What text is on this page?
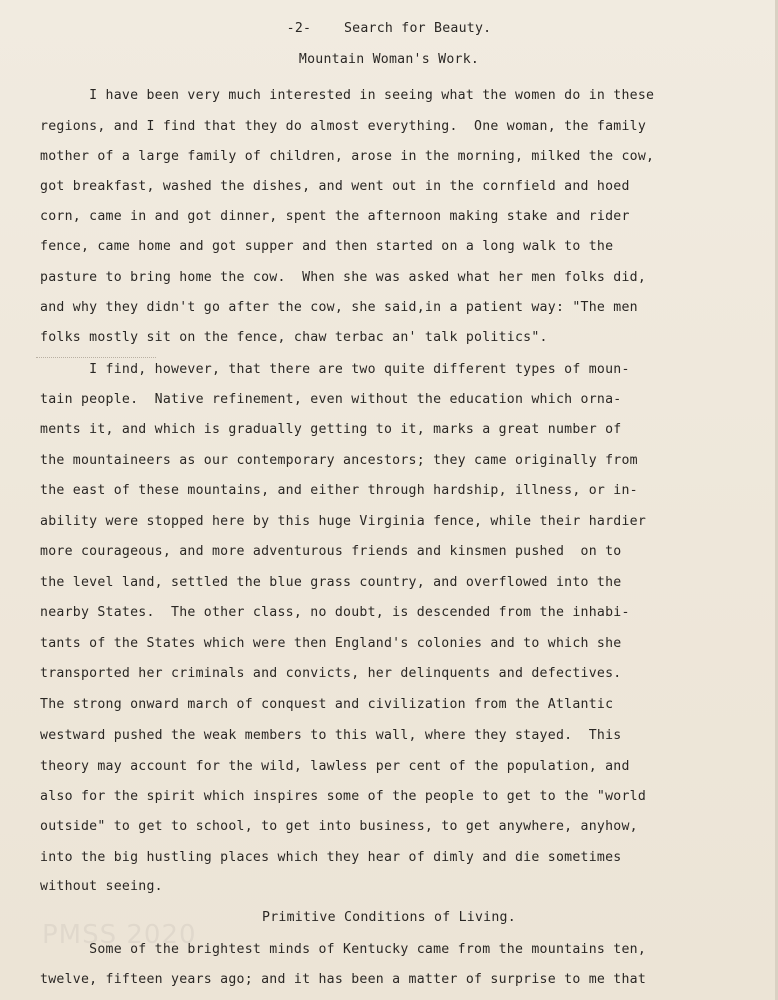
-2-    Search for Beauty.
Mountain Woman's Work.
I have been very much interested in seeing what the women do in these
regions, and I find that they do almost everything.  One woman, the family
mother of a large family of children, arose in the morning, milked the cow,
got breakfast, washed the dishes, and went out in the cornfield and hoed
corn, came in and got dinner, spent the afternoon making stake and rider
fence, came home and got supper and then started on a long walk to the
pasture to bring home the cow.  When she was asked what her men folks did,
and why they didn't go after the cow, she said,in a patient way: "The men
folks mostly sit on the fence, chaw terbac an' talk politics".
I find, however, that there are two quite different types of moun-
tain people.  Native refinement, even without the education which orna-
ments it, and which is gradually getting to it, marks a great number of
the mountaineers as our contemporary ancestors; they came originally from
the east of these mountains, and either through hardship, illness, or in-
ability were stopped here by this huge Virginia fence, while their hardier
more courageous, and more adventurous friends and kinsmen pushed  on to
the level land, settled the blue grass country, and overflowed into the
nearby States.  The other class, no doubt, is descended from the inhabi-
tants of the States which were then England's colonies and to which she
transported her criminals and convicts, her delinquents and defectives.
The strong onward march of conquest and civilization from the Atlantic
westward pushed the weak members to this wall, where they stayed.  This
theory may account for the wild, lawless per cent of the population, and
also for the spirit which inspires some of the people to get to the "world
outside" to get to school, to get into business, to get anywhere, anyhow,
into the big hustling places which they hear of dimly and die sometimes
without seeing.
PMSS 2020
Primitive Conditions of Living.
Some of the brightest minds of Kentucky came from the mountains ten,
twelve, fifteen years ago; and it has been a matter of surprise to me that
